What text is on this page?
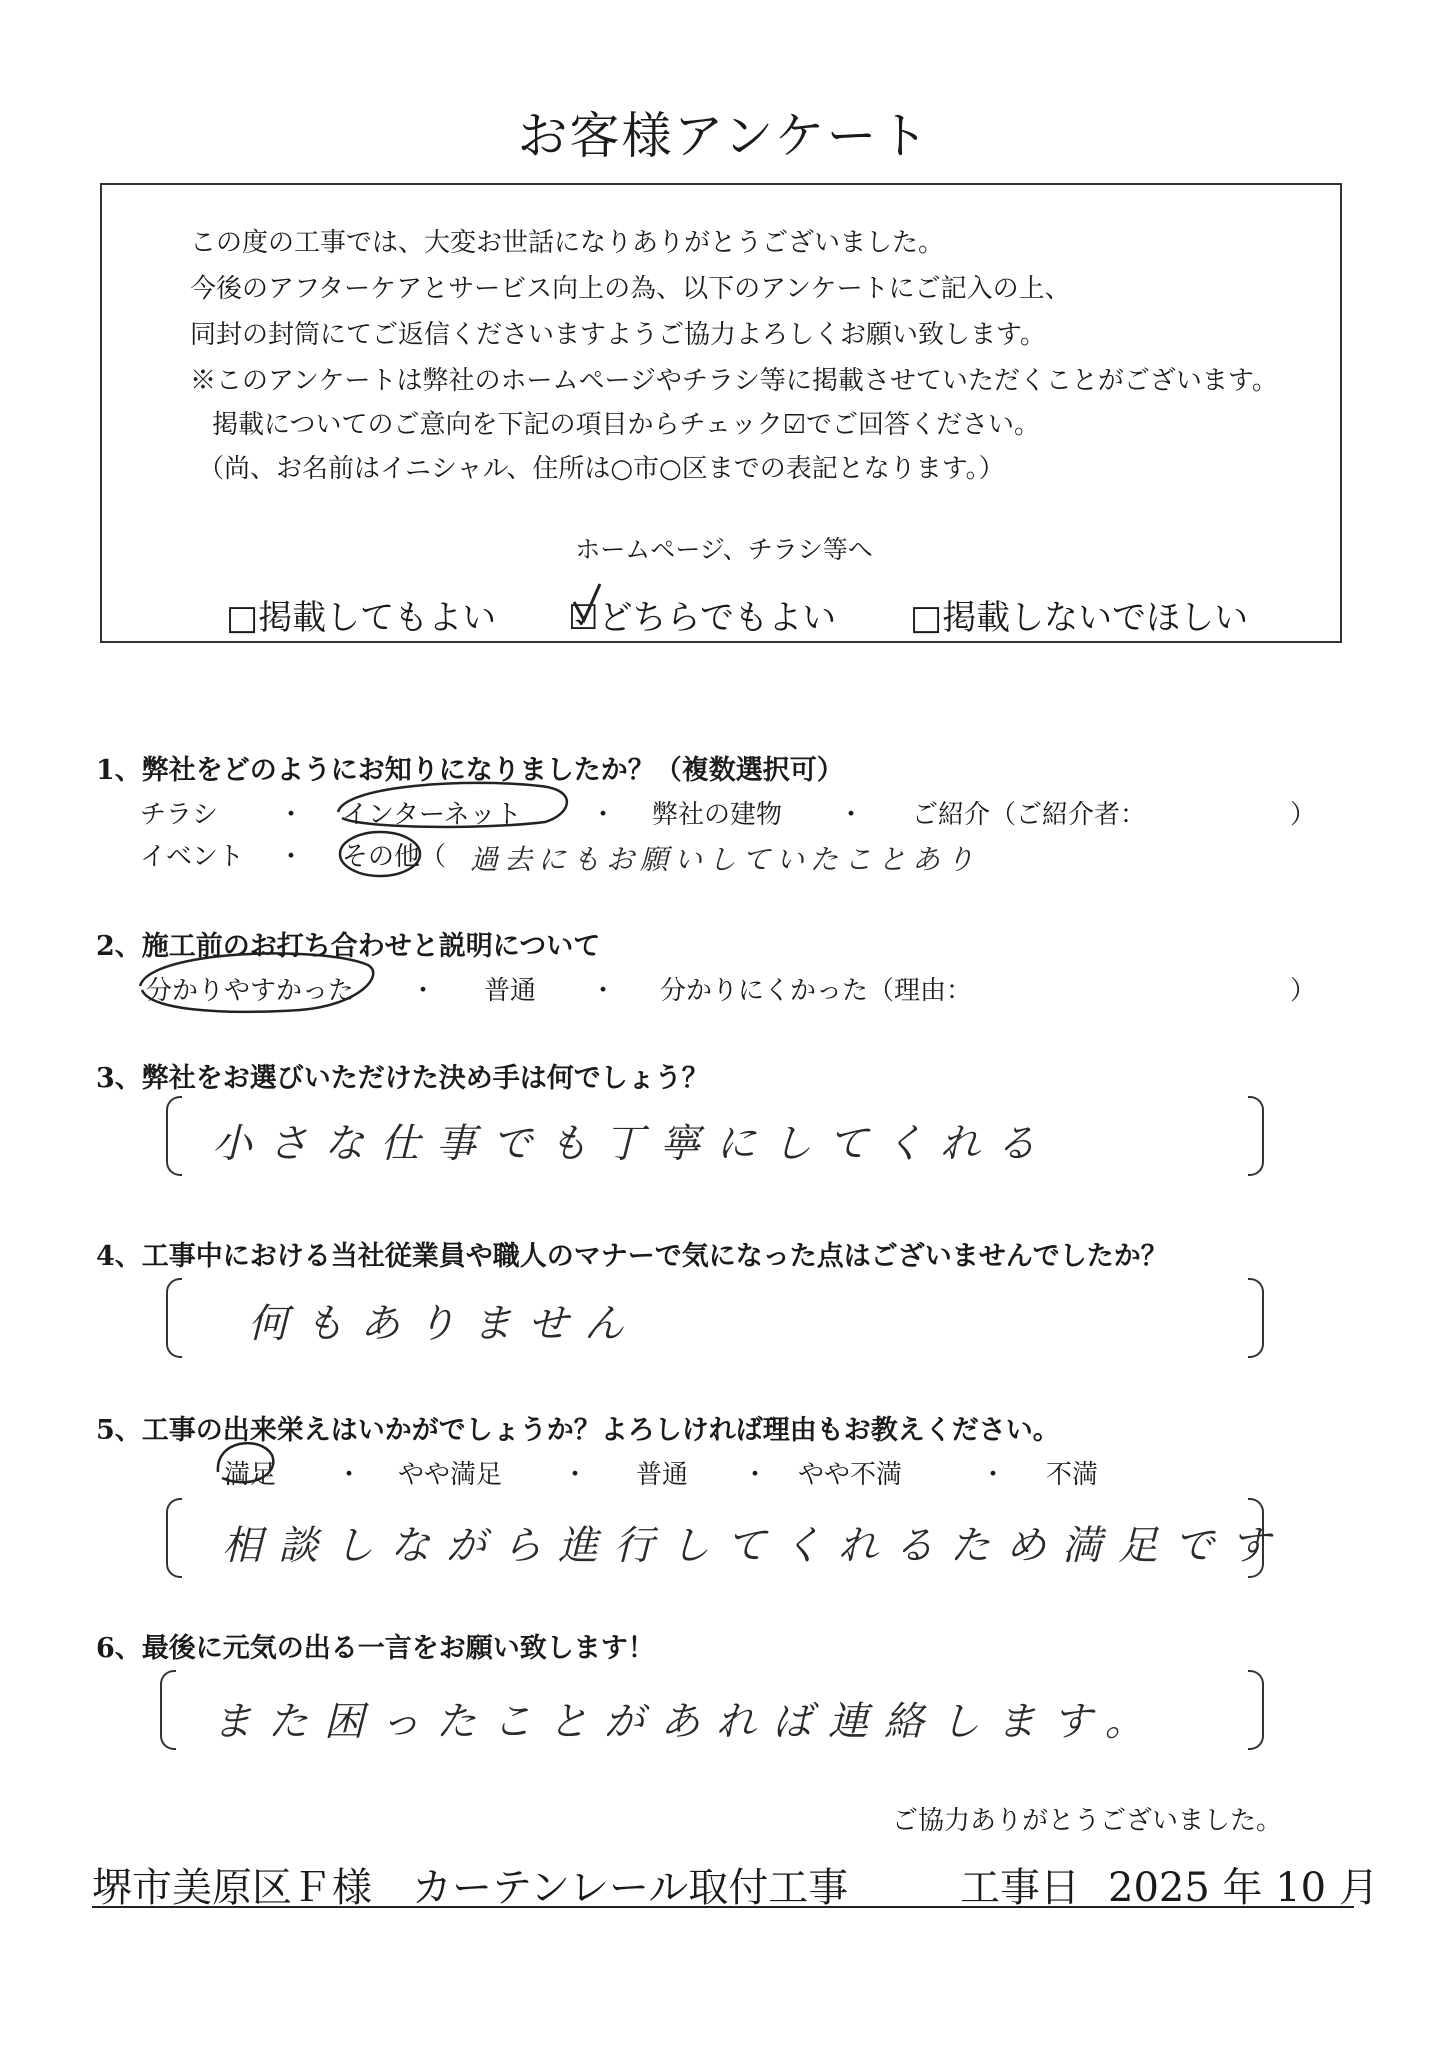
お客様アンケート
この度の工事では、大変お世話になりありがとうございました。
今後のアフターケアとサービス向上の為、以下のアンケートにご記入の上、
同封の封筒にてご返信くださいますようご協力よろしくお願い致します。
※このアンケートは弊社のホームページやチラシ等に掲載させていただくことがございます。
掲載についてのご意向を下記の項目からチェック☑でご回答ください。
（尚、お名前はイニシャル、住所は○市○区までの表記となります。）
ホームページ、チラシ等へ
□掲載してもよい ☑どちらでもよい □掲載しないでほしい
1、弊社をどのようにお知りになりましたか？（複数選択可）
チラシ ・ インターネット	・ 弊社の建物 ・ ご紹介（ご紹介者：	）
イベント ・ その他（ 過去にもお願いしていたことあり
2、施工前のお打ち合わせと説明について
分かりやすかった ・ 普通 ・ 分かりにくかった（理由：	）
3、弊社をお選びいただけた決め手は何でしょう？
小さな仕事でも丁寧にしてくれる
4、工事中における当社従業員や職人のマナーで気になった点はございませんでしたか？
何もありません
5、工事の出来栄えはいかがでしょうか？よろしければ理由もお教えください。
満足 ・ やや満足 ・ 普通 ・ やや不満	・ 不満
相談しながら進行してくれるため満足です
6、最後に元気の出る一言をお願い致します！
また困ったことがあれば連絡します。
ご協力ありがとうございました。
堺市美原区Ｆ様　カーテンレール取付工事	工事日 2025 年 10 月
